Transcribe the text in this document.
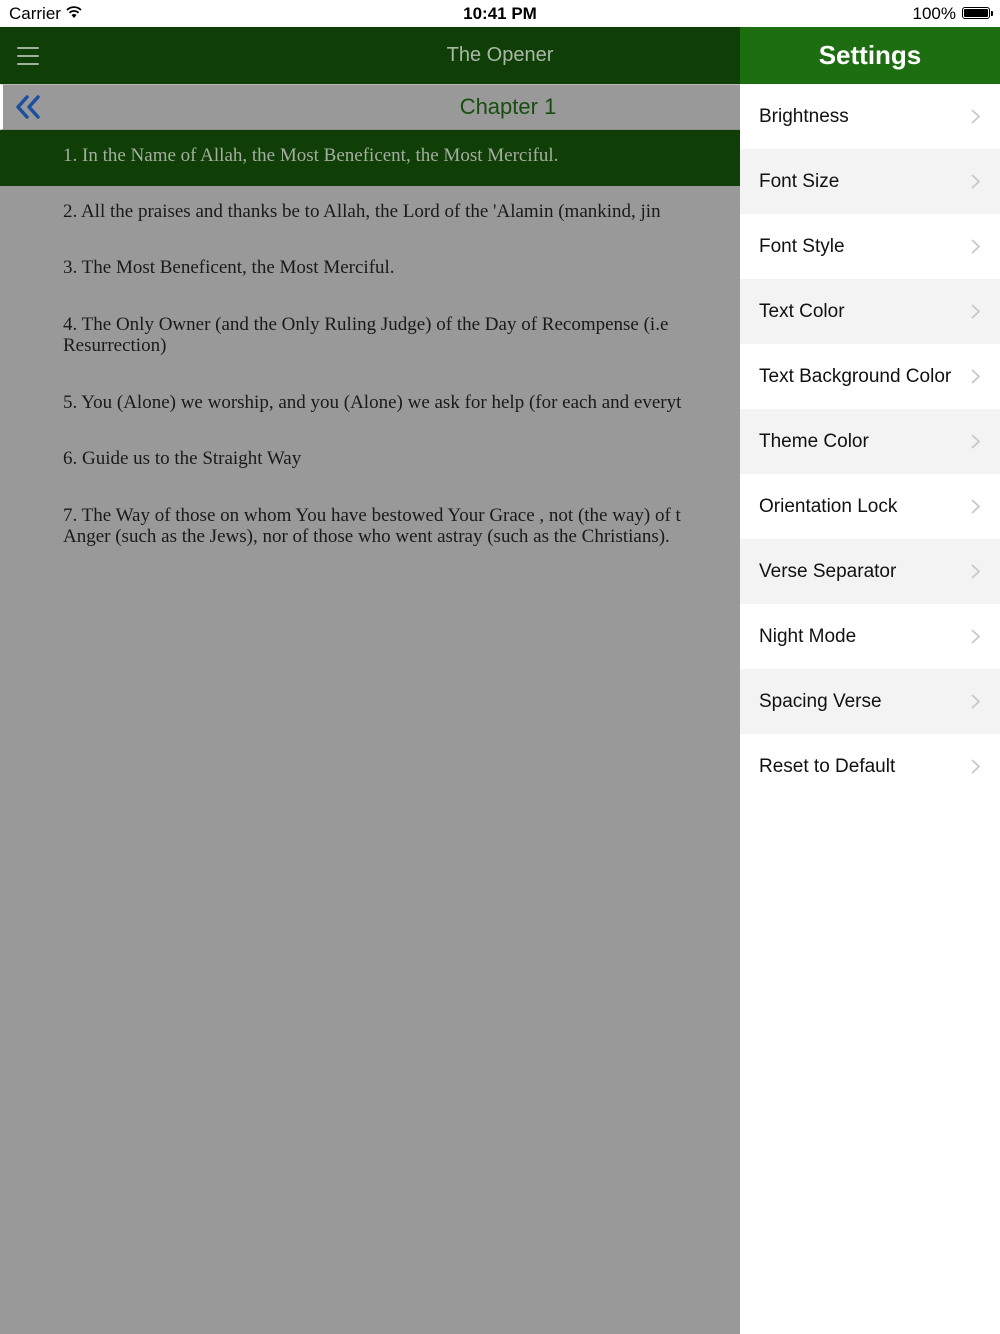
Carrier	10:41 PM	100%
The Opener
Chapter 1
1. In the Name of Allah, the Most Beneficent, the Most Merciful.
2. All the praises and thanks be to Allah, the Lord of the 'Alamin (mankind, jin
3. The Most Beneficent, the Most Merciful.
4. The Only Owner (and the Only Ruling Judge) of the Day of Recompense (i.e
Resurrection)
5. You (Alone) we worship, and you (Alone) we ask for help (for each and everyt
6. Guide us to the Straight Way
7. The Way of those on whom You have bestowed Your Grace , not (the way) of t
Anger (such as the Jews), nor of those who went astray (such as the Christians).
Settings
Brightness
Font Size
Font Style
Text Color
Text Background Color
Theme Color
Orientation Lock
Verse Separator
Night Mode
Spacing Verse
Reset to Default
